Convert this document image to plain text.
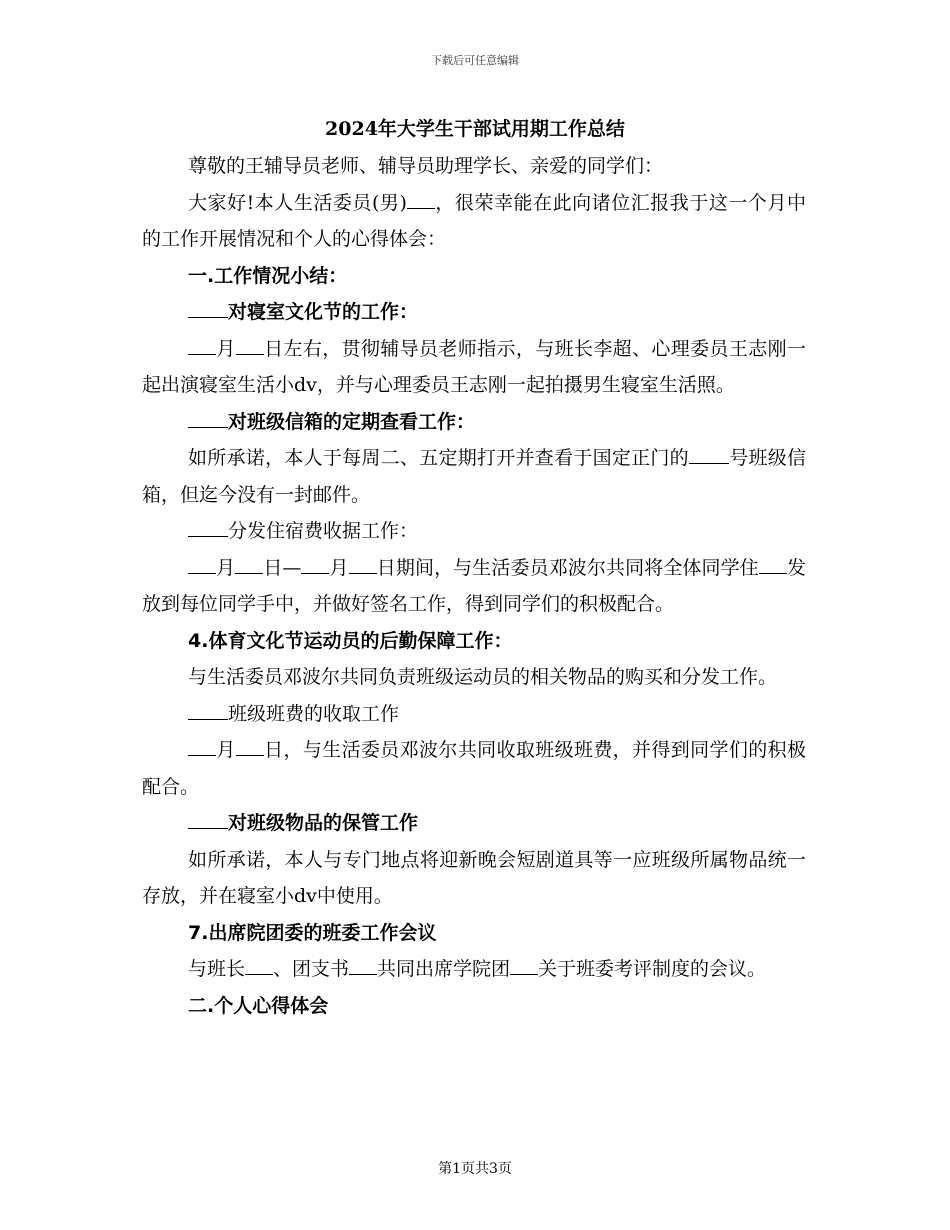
下载后可任意编辑
2024年大学生干部试用期工作总结

尊敬的王辅导员老师、辅导员助理学长、亲爱的同学们：

大家好!本人生活委员(男) ，很荣幸能在此向诸位汇报我于这一个月中的工作开展情况和个人的心得体会：

一.工作情况小结：

对寝室文化节的工作：

月 日左右，贯彻辅导员老师指示，与班长李超、心理委员王志刚一起出演寝室生活小dv，并与心理委员王志刚一起拍摄男生寝室生活照。

对班级信箱的定期查看工作：

如所承诺，本人于每周二、五定期打开并查看于国定正门的 号班级信箱，但迄今没有一封邮件。

分发住宿费收据工作：

月 日— 月 日期间，与生活委员邓波尔共同将全体同学住 发放到每位同学手中，并做好签名工作，得到同学们的积极配合。

4.体育文化节运动员的后勤保障工作：

与生活委员邓波尔共同负责班级运动员的相关物品的购买和分发工作。

班级班费的收取工作

月 日，与生活委员邓波尔共同收取班级班费，并得到同学们的积极配合。

对班级物品的保管工作

如所承诺，本人与专门地点将迎新晚会短剧道具等一应班级所属物品统一存放，并在寝室小dv中使用。

7.出席院团委的班委工作会议

与班长 、团支书 共同出席学院团 关于班委考评制度的会议。

二.个人心得体会

第1页共3页
